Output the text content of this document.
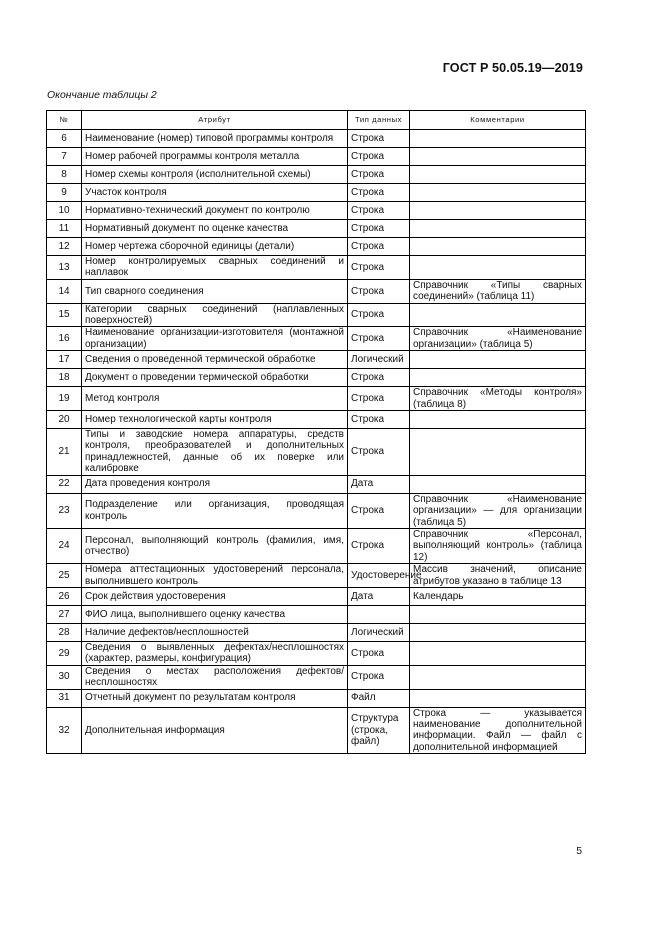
ГОСТ Р 50.05.19—2019
Окончание таблицы 2
№	Атрибут	Тип данных	Комментарии
6	Наименование (номер) типовой программы контроля	Строка	
7	Номер рабочей программы контроля металла	Строка	
8	Номер схемы контроля (исполнительной схемы)	Строка	
9	Участок контроля	Строка	
10	Нормативно-технический документ по контролю	Строка	
11	Нормативный документ по оценке качества	Строка	
12	Номер чертежа сборочной единицы (детали)	Строка	
13	Номер контролируемых сварных соединений и наплавок	Строка	
14	Тип сварного соединения	Строка	Справочник «Типы сварных соединений» (таблица 11)
15	Категории сварных соединений (наплавленных поверхностей)	Строка	
16	Наименование организации-изготовителя (монтажной организации)	Строка	Справочник «Наименование организации» (таблица 5)
17	Сведения о проведенной термической обработке	Логический	
18	Документ о проведении термической обработки	Строка	
19	Метод контроля	Строка	Справочник «Методы контроля» (таблица 8)
20	Номер технологической карты контроля	Строка	
21	Типы и заводские номера аппаратуры, средств контроля, преобразователей и дополнительных принадлежностей, данные об их поверке или калибровке	Строка	
22	Дата проведения контроля	Дата	
23	Подразделение или организация, проводящая контроль	Строка	Справочник «Наименование организации» — для организации (таблица 5)
24	Персонал, выполняющий контроль (фамилия, имя, отчество)	Строка	Справочник «Персонал, выполняющий контроль» (таблица 12)
25	Номера аттестационных удостоверений персонала, выполнившего контроль	Удостоверение	Массив значений, описание атрибутов указано в таблице 13
26	Срок действия удостоверения	Дата	Календарь
27	ФИО лица, выполнившего оценку качества		
28	Наличие дефектов/несплошностей	Логический	
29	Сведения о выявленных дефектах/несплошностях (характер, размеры, конфигурация)	Строка	
30	Сведения о местах расположения дефектов/несплошностях	Строка	
31	Отчетный документ по результатам контроля	Файл	
32	Дополнительная информация	Структура (строка, файл)	Строка — указывается наименование дополнительной информации. Файл — файл с дополнительной информацией
5
